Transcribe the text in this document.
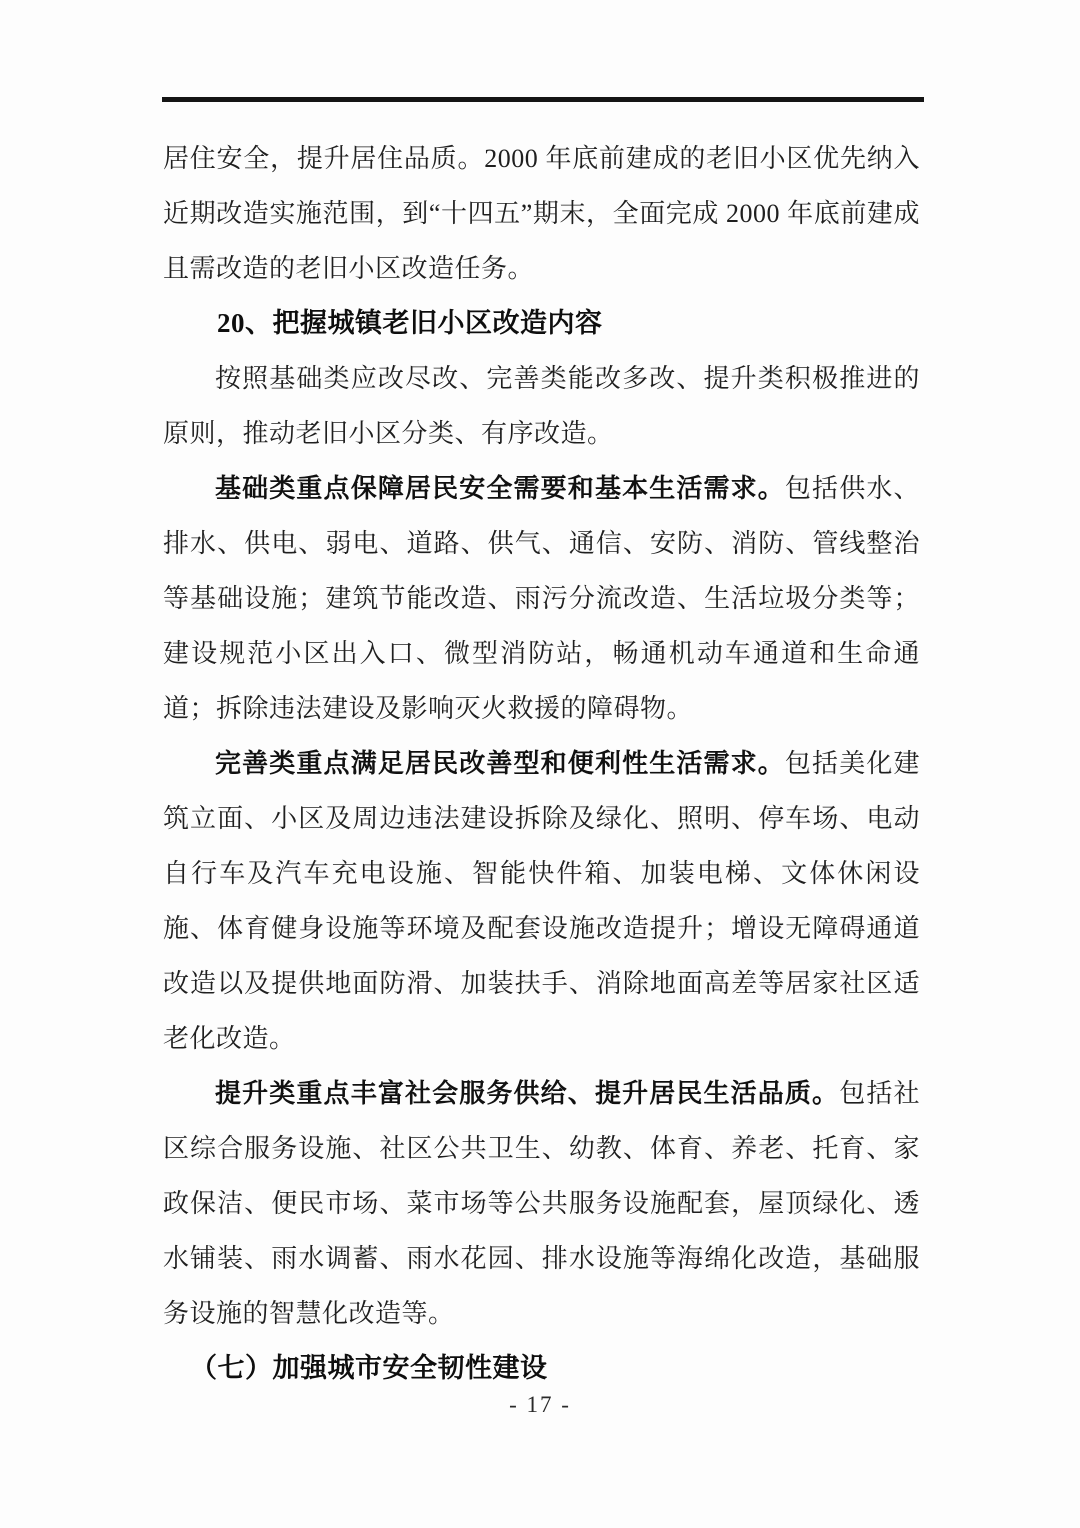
居住安全，提升居住品质。2000 年底前建成的老旧小区优先纳入近期改造实施范围，到“十四五”期末，全面完成 2000 年底前建成且需改造的老旧小区改造任务。

20、把握城镇老旧小区改造内容

按照基础类应改尽改、完善类能改多改、提升类积极推进的原则，推动老旧小区分类、有序改造。

基础类重点保障居民安全需要和基本生活需求。包括供水、排水、供电、弱电、道路、供气、通信、安防、消防、管线整治等基础设施；建筑节能改造、雨污分流改造、生活垃圾分类等；建设规范小区出入口、微型消防站，畅通机动车通道和生命通道；拆除违法建设及影响灭火救援的障碍物。

完善类重点满足居民改善型和便利性生活需求。包括美化建筑立面、小区及周边违法建设拆除及绿化、照明、停车场、电动自行车及汽车充电设施、智能快件箱、加装电梯、文体休闲设施、体育健身设施等环境及配套设施改造提升；增设无障碍通道改造以及提供地面防滑、加装扶手、消除地面高差等居家社区适老化改造。

提升类重点丰富社会服务供给、提升居民生活品质。包括社区综合服务设施、社区公共卫生、幼教、体育、养老、托育、家政保洁、便民市场、菜市场等公共服务设施配套，屋顶绿化、透水铺装、雨水调蓄、雨水花园、排水设施等海绵化改造，基础服务设施的智慧化改造等。

（七）加强城市安全韧性建设
- 17 -
